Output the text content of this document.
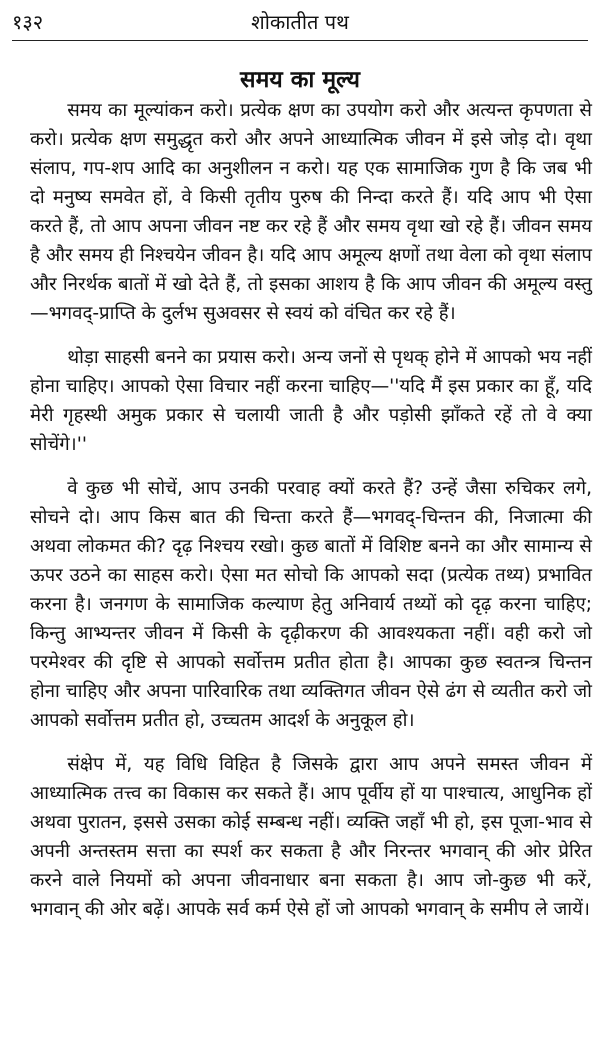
१३२	शोकातीत पथ
समय का मूल्य

समय का मूल्यांकन करो। प्रत्येक क्षण का उपयोग करो और अत्यन्त कृपणता से करो। प्रत्येक क्षण समुद्धृत करो और अपने आध्यात्मिक जीवन में इसे जोड़ दो। वृथा संलाप, गप-शप आदि का अनुशीलन न करो। यह एक सामाजिक गुण है कि जब भी दो मनुष्य समवेत हों, वे किसी तृतीय पुरुष की निन्दा करते हैं। यदि आप भी ऐसा करते हैं, तो आप अपना जीवन नष्ट कर रहे हैं और समय वृथा खो रहे हैं। जीवन समय है और समय ही निश्चयेन जीवन है। यदि आप अमूल्य क्षणों तथा वेला को वृथा संलाप और निरर्थक बातों में खो देते हैं, तो इसका आशय है कि आप जीवन की अमूल्य वस्तु—भगवद्-प्राप्ति के दुर्लभ सुअवसर से स्वयं को वंचित कर रहे हैं।

थोड़ा साहसी बनने का प्रयास करो। अन्य जनों से पृथक् होने में आपको भय नहीं होना चाहिए। आपको ऐसा विचार नहीं करना चाहिए—''यदि मैं इस प्रकार का हूँ, यदि मेरी गृहस्थी अमुक प्रकार से चलायी जाती है और पड़ोसी झाँकते रहें तो वे क्या सोचेंगे।''

वे कुछ भी सोचें, आप उनकी परवाह क्यों करते हैं? उन्हें जैसा रुचिकर लगे, सोचने दो। आप किस बात की चिन्ता करते हैं—भगवद्-चिन्तन की, निजात्मा की अथवा लोकमत की? दृढ़ निश्चय रखो। कुछ बातों में विशिष्ट बनने का और सामान्य से ऊपर उठने का साहस करो। ऐसा मत सोचो कि आपको सदा (प्रत्येक तथ्य) प्रभावित करना है। जनगण के सामाजिक कल्याण हेतु अनिवार्य तथ्यों को दृढ़ करना चाहिए; किन्तु आभ्यन्तर जीवन में किसी के दृढ़ीकरण की आवश्यकता नहीं। वही करो जो परमेश्वर की दृष्टि से आपको सर्वोत्तम प्रतीत होता है। आपका कुछ स्वतन्त्र चिन्तन होना चाहिए और अपना पारिवारिक तथा व्यक्तिगत जीवन ऐसे ढंग से व्यतीत करो जो आपको सर्वोत्तम प्रतीत हो, उच्चतम आदर्श के अनुकूल हो।

संक्षेप में, यह विधि विहित है जिसके द्वारा आप अपने समस्त जीवन में आध्यात्मिक तत्त्व का विकास कर सकते हैं। आप पूर्वीय हों या पाश्चात्य, आधुनिक हों अथवा पुरातन, इससे उसका कोई सम्बन्ध नहीं। व्यक्ति जहाँ भी हो, इस पूजा-भाव से अपनी अन्तस्तम सत्ता का स्पर्श कर सकता है और निरन्तर भगवान् की ओर प्रेरित करने वाले नियमों को अपना जीवनाधार बना सकता है। आप जो-कुछ भी करें, भगवान् की ओर बढ़ें। आपके सर्व कर्म ऐसे हों जो आपको भगवान् के समीप ले जायें।
